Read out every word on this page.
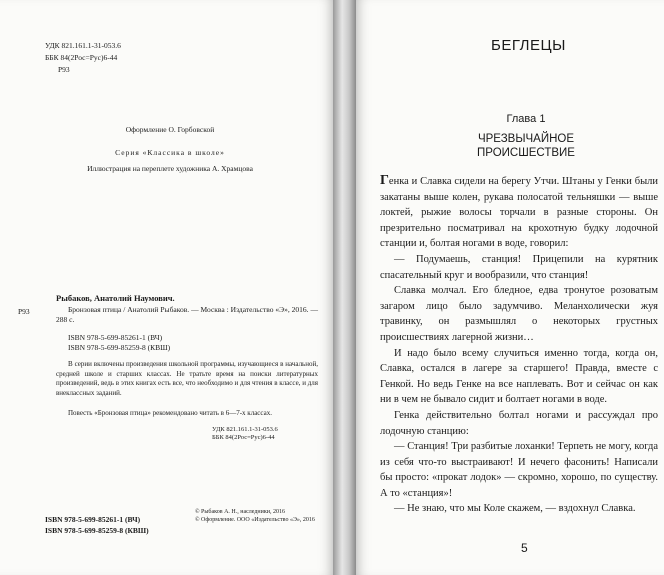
УДК 821.161.1-31-053.6
ББК 84(2Рос=Рус)6-44
Р93
Оформление О. Горбовской
Серия «Классика в школе»
Иллюстрация на переплете художника А. Храмцова
Р93
Рыбаков, Анатолий Наумович.
Бронзовая птица / Анатолий Рыбаков. — Москва : Издательство «Э», 2016. — 288 с.
ISBN 978-5-699-85261-1 (ВЧ)
ISBN 978-5-699-85259-8 (КВШ)
В серии включены произведения школьной программы, изучающиеся в начальной, средней школе и старших классах. Не тратьте время на поиски литературных произведений, ведь в этих книгах есть все, что необходимо и для чтения в классе, и для внеклассных заданий.
Повесть «Бронзовая птица» рекомендовано читать в 6—7-х классах.
УДК 821.161.1-31-053.6
ББК 84(2Рос=Рус)6-44
ISBN 978-5-699-85261-1 (ВЧ)
ISBN 978-5-699-85259-8 (КВШ)
© Рыбаков А. Н., наследники, 2016
© Оформление. ООО «Издательство «Э», 2016
БЕГЛЕЦЫ
Глава 1
ЧРЕЗВЫЧАЙНОЕ
ПРОИСШЕСТВИЕ

Генка и Славка сидели на берегу Утчи. Штаны у Генки были закатаны выше колен, рукава полосатой тельняшки — выше локтей, рыжие волосы торчали в разные стороны. Он презрительно посматривал на крохотную будку лодочной станции и, болтая ногами в воде, говорил:

— Подумаешь, станция! Прицепили на курятник спасательный круг и вообразили, что станция!

Славка молчал. Его бледное, едва тронутое розоватым загаром лицо было задумчиво. Меланхолически жуя травинку, он размышлял о некоторых грустных происшествиях лагерной жизни…

И надо было всему случиться именно тогда, когда он, Славка, остался в лагере за старшего! Правда, вместе с Генкой. Но ведь Генке на все наплевать. Вот и сейчас он как ни в чем не бывало сидит и болтает ногами в воде.

Генка действительно болтал ногами и рассуждал про лодочную станцию:

— Станция! Три разбитые лоханки! Терпеть не могу, когда из себя что-то выстраивают! И нечего фасонить! Написали бы просто: «прокат лодок» — скромно, хорошо, по существу. А то «станция»!

— Не знаю, что мы Коле скажем, — вздохнул Славка.

5
